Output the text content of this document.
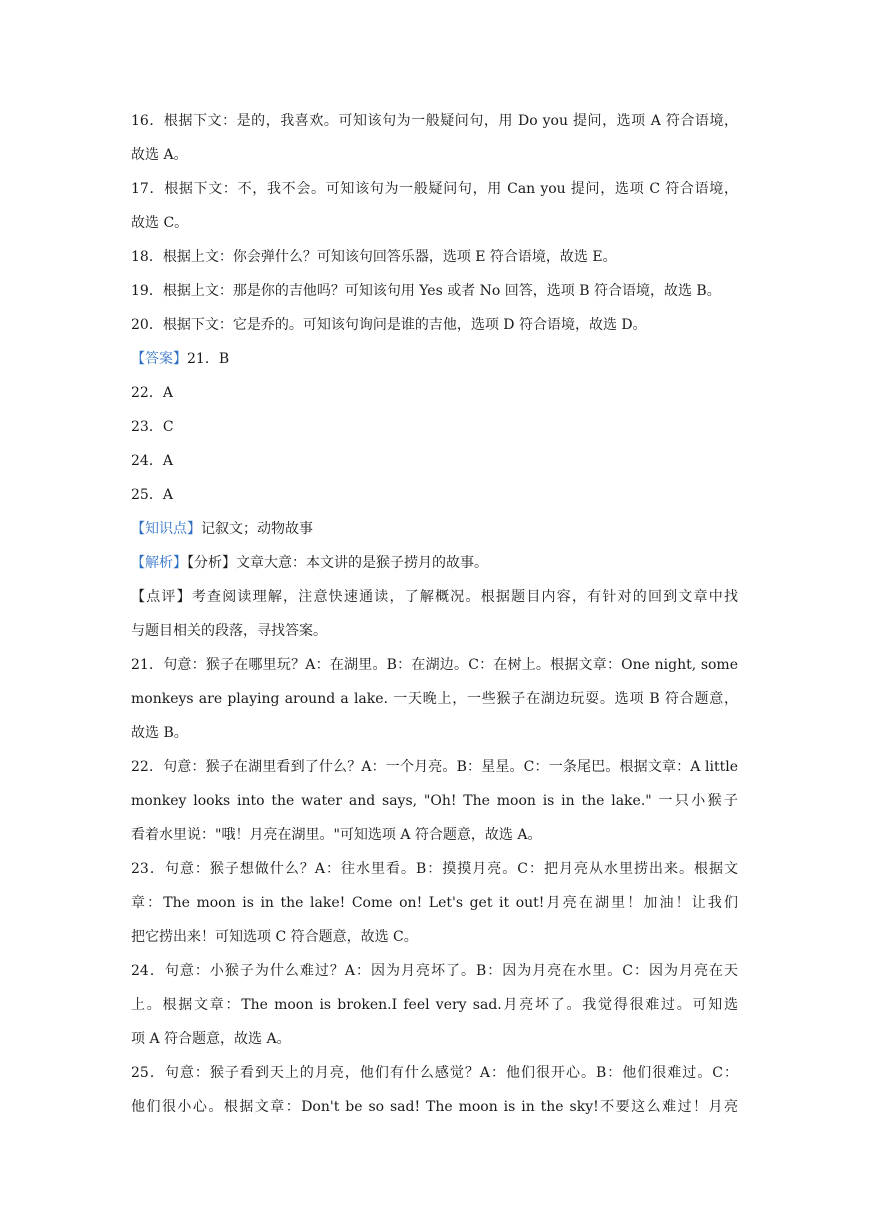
16．根据下文：是的，我喜欢。可知该句为一般疑问句，用 Do you 提问，选项 A 符合语境，
故选 A。
17．根据下文：不，我不会。可知该句为一般疑问句，用 Can you 提问，选项 C 符合语境，
故选 C。
18．根据上文：你会弹什么？可知该句回答乐器，选项 E 符合语境，故选 E。
19．根据上文：那是你的吉他吗？可知该句用 Yes 或者 No 回答，选项 B 符合语境，故选 B。
20．根据下文：它是乔的。可知该句询问是谁的吉他，选项 D 符合语境，故选 D。
【答案】21．B
22．A
23．C
24．A
25．A
【知识点】记叙文；动物故事
【解析】【分析】文章大意：本文讲的是猴子捞月的故事。
【点评】考查阅读理解，注意快速通读，了解概况。根据题目内容，有针对的回到文章中找
与题目相关的段落，寻找答案。
21．句意：猴子在哪里玩？A：在湖里。B：在湖边。C：在树上。根据文章：One night, some
monkeys are playing around a lake. 一天晚上，一些猴子在湖边玩耍。选项 B 符合题意，
故选 B。
22．句意：猴子在湖里看到了什么？A：一个月亮。B：星星。C：一条尾巴。根据文章：A little
monkey looks into the water and says, "Oh! The moon is in the lake." 一只小猴子
看着水里说："哦！月亮在湖里。"可知选项 A 符合题意，故选 A。
23．句意：猴子想做什么？A：往水里看。B：摸摸月亮。C：把月亮从水里捞出来。根据文
章：The moon is in the lake! Come on! Let's get it out!月亮在湖里！加油！让我们
把它捞出来！可知选项 C 符合题意，故选 C。
24．句意：小猴子为什么难过？A：因为月亮坏了。B：因为月亮在水里。C：因为月亮在天
上。根据文章：The moon is broken.I feel very sad.月亮坏了。我觉得很难过。可知选
项 A 符合题意，故选 A。
25．句意：猴子看到天上的月亮，他们有什么感觉？A：他们很开心。B：他们很难过。C：
他们很小心。根据文章：Don't be so sad! The moon is in the sky!不要这么难过！月亮
